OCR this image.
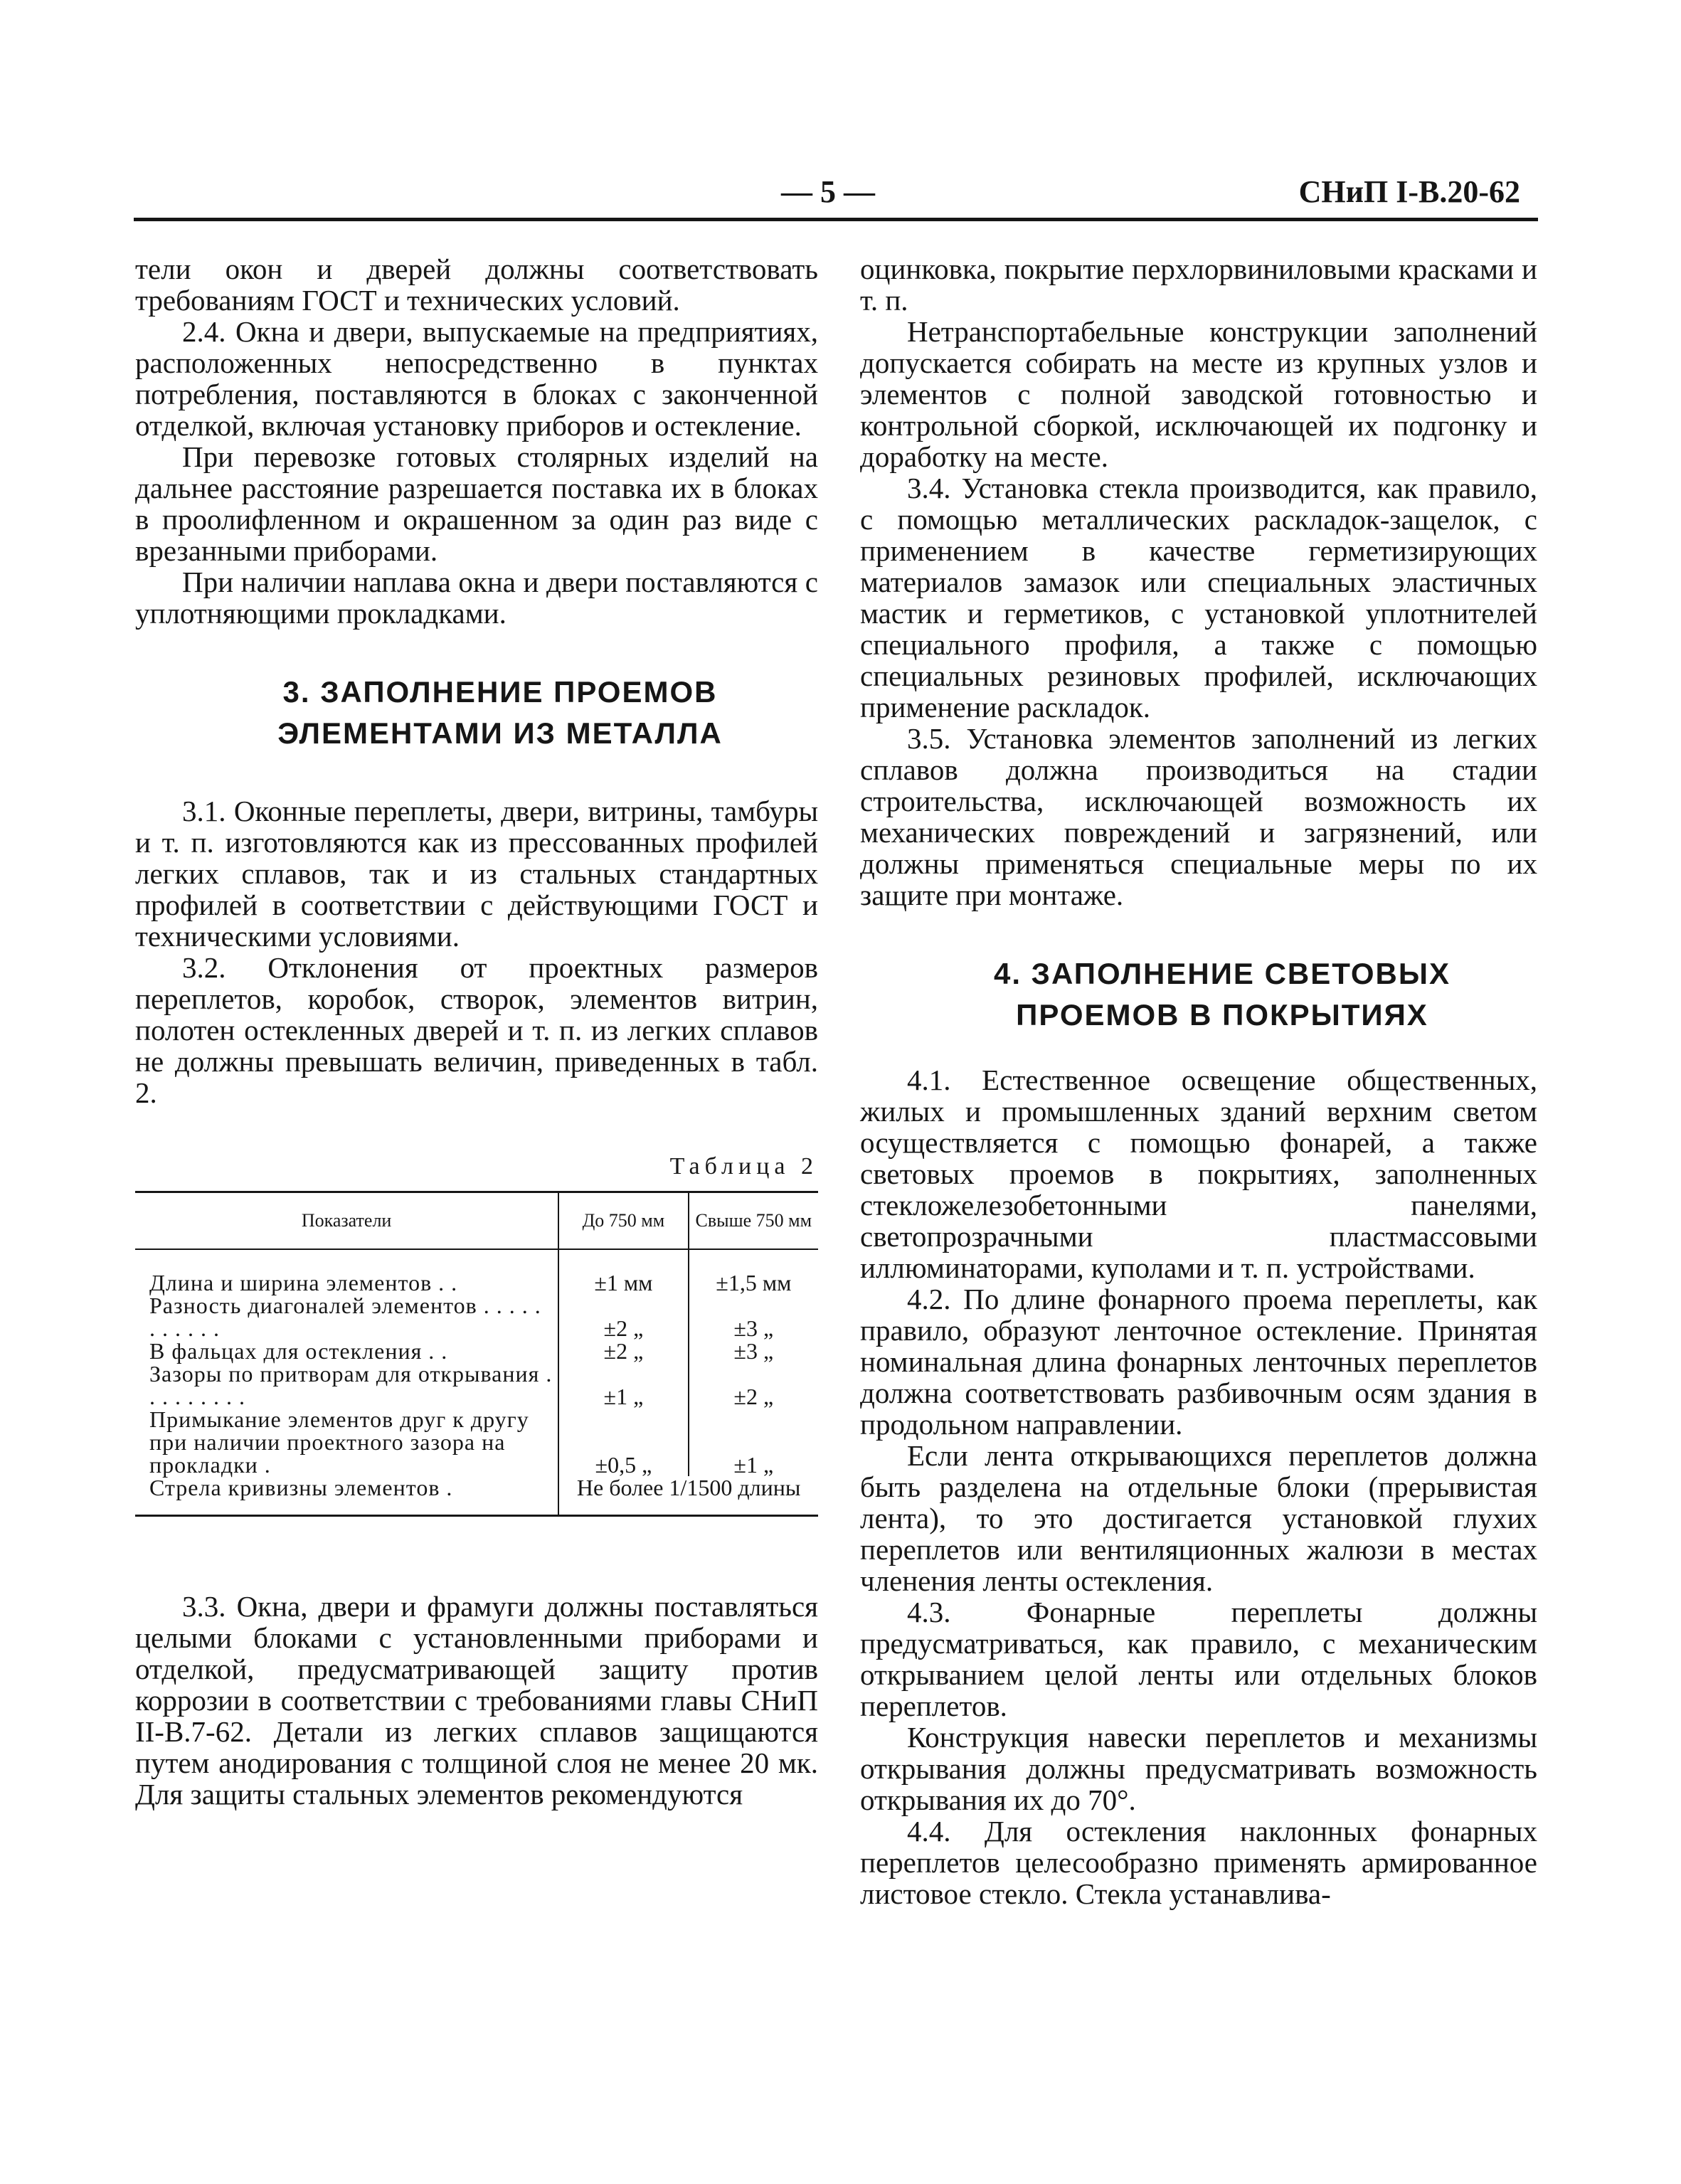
— 5 —	СНиП I-В.20-62

тели окон и дверей должны соответствовать требованиям ГОСТ и технических условий.

2.4. Окна и двери, выпускаемые на предприятиях, расположенных непосредственно в пунктах потребления, поставляются в блоках с законченной отделкой, включая установку приборов и остекление.

При перевозке готовых столярных изделий на дальнее расстояние разрешается поставка их в блоках в проолифленном и окрашенном за один раз виде с врезанными приборами.

При наличии наплава окна и двери поставляются с уплотняющими прокладками.

3. ЗАПОЛНЕНИЕ ПРОЕМОВ

ЭЛЕМЕНТАМИ ИЗ МЕТАЛЛА

3.1. Оконные переплеты, двери, витрины, тамбуры и т. п. изготовляются как из прессованных профилей легких сплавов, так и из стальных стандартных профилей в соответствии с действующими ГОСТ и техническими условиями.

3.2. Отклонения от проектных размеров переплетов, коробок, створок, элементов витрин, полотен остекленных дверей и т. п. из легких сплавов не должны превышать величин, приведенных в табл. 2.

Таблица 2
Показатели	До 750 мм	Свыше 750 мм
Длина и ширина элементов . .	±1 мм	±1,5 мм
Разность диагоналей элементов . . . . . . . . . . .	±2 „	±3 „
В фальцах для остекления . .	±2 „	±3 „
Зазоры по притворам для открывания . . . . . . . . .	±1 „	±2 „
Примыкание элементов друг к другу при наличии проектного зазора на прокладки .	±0,5 „	±1 „
Стрела кривизны элементов .	Не более 1/1500 длины	

3.3. Окна, двери и фрамуги должны поставляться целыми блоками с установленными приборами и отделкой, предусматривающей защиту против коррозии в соответствии с требованиями главы СНиП II-В.7-62. Детали из легких сплавов защищаются путем анодирования с толщиной слоя не менее 20 мк. Для защиты стальных элементов рекомендуются

оцинковка, покрытие перхлорвиниловыми красками и т. п.

Нетранспортабельные конструкции заполнений допускается собирать на месте из крупных узлов и элементов с полной заводской готовностью и контрольной сборкой, исключающей их подгонку и доработку на месте.

3.4. Установка стекла производится, как правило, с помощью металлических раскладок-защелок, с применением в качестве герметизирующих материалов замазок или специальных эластичных мастик и герметиков, с установкой уплотнителей специального профиля, а также с помощью специальных резиновых профилей, исключающих применение раскладок.

3.5. Установка элементов заполнений из легких сплавов должна производиться на стадии строительства, исключающей возможность их механических повреждений и загрязнений, или должны применяться специальные меры по их защите при монтаже.

4. ЗАПОЛНЕНИЕ СВЕТОВЫХ

ПРОЕМОВ В ПОКРЫТИЯХ

4.1. Естественное освещение общественных, жилых и промышленных зданий верхним светом осуществляется с помощью фонарей, а также световых проемов в покрытиях, заполненных стекложелезобетонными панелями, светопрозрачными пластмассовыми иллюминаторами, куполами и т. п. устройствами.

4.2. По длине фонарного проема переплеты, как правило, образуют ленточное остекление. Принятая номинальная длина фонарных ленточных переплетов должна соответствовать разбивочным осям здания в продольном направлении.

Если лента открывающихся переплетов должна быть разделена на отдельные блоки (прерывистая лента), то это достигается установкой глухих переплетов или вентиляционных жалюзи в местах членения ленты остекления.

4.3. Фонарные переплеты должны предусматриваться, как правило, с механическим открыванием целой ленты или отдельных блоков переплетов.

Конструкция навески переплетов и механизмы открывания должны предусматривать возможность открывания их до 70°.

4.4. Для остекления наклонных фонарных переплетов целесообразно применять армированное листовое стекло. Стекла устанавлива-
